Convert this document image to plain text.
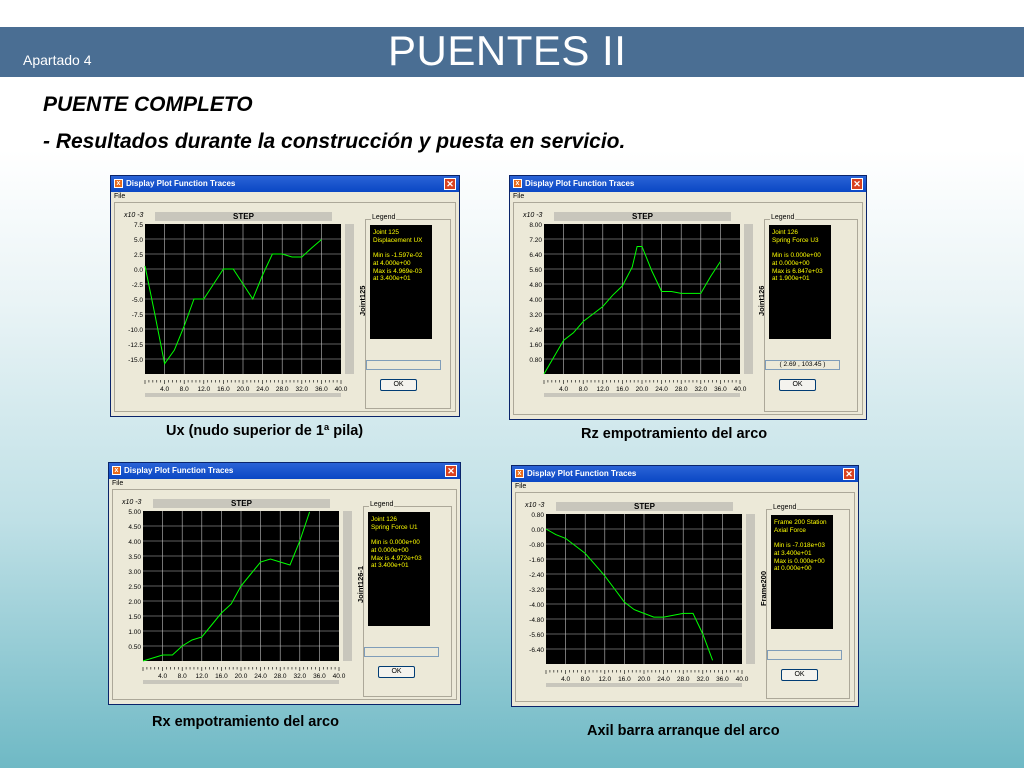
Apartado 4	PUENTES II
PUENTE COMPLETO
- Resultados durante la construcción y puesta en servicio.
x Display Plot Function Traces	✕
File
x10 -3	STEP
7.5
5.0
2.5
0.0
-2.5
-5.0
-7.5
-10.0
-12.5
-15.0
4.0 8.0 12.0 16.0 20.0 24.0 28.0 32.0 36.0 40.0
Joint125
Legend
Joint 125
Displacement UX

Min is -1.597e-02
at 4.000e+00
Max is 4.969e-03
at 3.400e+01
OK
Ux (nudo superior de 1ª pila)
x Display Plot Function Traces	✕
File
x10 -3	STEP
8.00
7.20
6.40
5.60
4.80
4.00
3.20
2.40
1.60
0.80
4.0 8.0 12.0 16.0 20.0 24.0 28.0 32.0 36.0 40.0
Joint126
Legend
Joint 126
Spring Force U3

Min is 0.000e+00
at 0.000e+00
Max is 6.847e+03
at 1.900e+01
( 2.69 , 103.45 )
OK
Rz empotramiento del arco
x Display Plot Function Traces	✕
File
x10 -3	STEP
5.00
4.50
4.00
3.50
3.00
2.50
2.00
1.50
1.00
0.50
4.0 8.0 12.0 16.0 20.0 24.0 28.0 32.0 36.0 40.0
Joint126-1
Legend
Joint 126
Spring Force U1

Min is 0.000e+00
at 0.000e+00
Max is 4.972e+03
at 3.400e+01
OK
Rx empotramiento del arco
x Display Plot Function Traces	✕
File
x10 -3	STEP
0.80
0.00
-0.80
-1.60
-2.40
-3.20
-4.00
-4.80
-5.60
-6.40
4.0 8.0 12.0 16.0 20.0 24.0 28.0 32.0 36.0 40.0
Frame200
Legend
Frame 200 Station
Axial Force

Min is -7.018e+03
at 3.400e+01
Max is 0.000e+00
at 0.000e+00
OK
Axil barra arranque del arco
